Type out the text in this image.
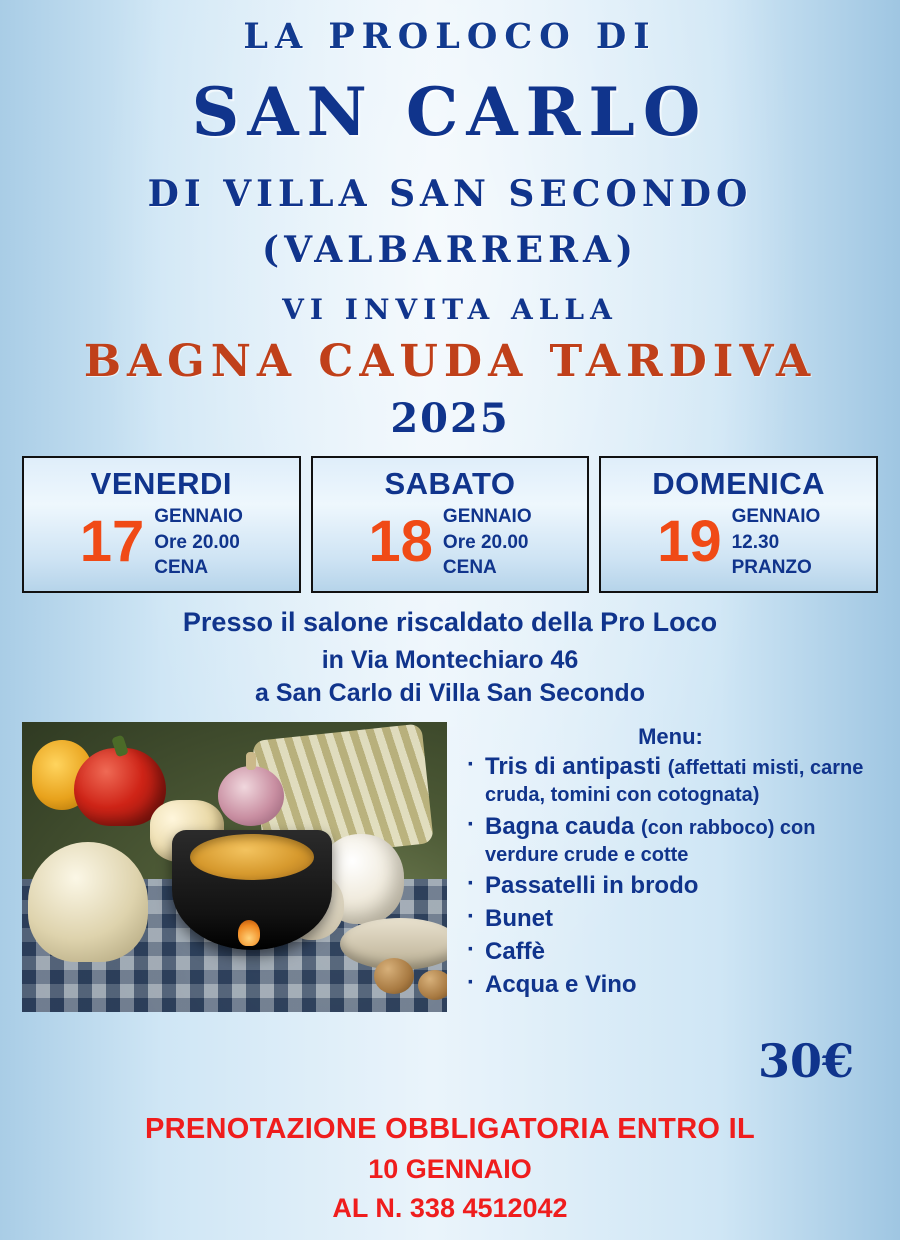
LA PROLOCO DI
SAN CARLO
DI VILLA SAN SECONDO
(VALBARRERA)
VI INVITA ALLA
BAGNA CAUDA TARDIVA
2025
VENERDI
17 GENNAIO
Ore 20.00
CENA
SABATO
18 GENNAIO
Ore 20.00
CENA
DOMENICA
19 GENNAIO
12.30
PRANZO
Presso il salone riscaldato della Pro Loco
in Via Montechiaro 46
a San Carlo di Villa San Secondo
Menu:
· Tris di antipasti (affettati misti, carne cruda, tomini con cotognata)
· Bagna cauda (con rabboco) con verdure crude e cotte
· Passatelli in brodo
· Bunet
· Caffè
· Acqua e Vino
30€
PRENOTAZIONE OBBLIGATORIA ENTRO IL
10 GENNAIO
AL N. 338 4512042
